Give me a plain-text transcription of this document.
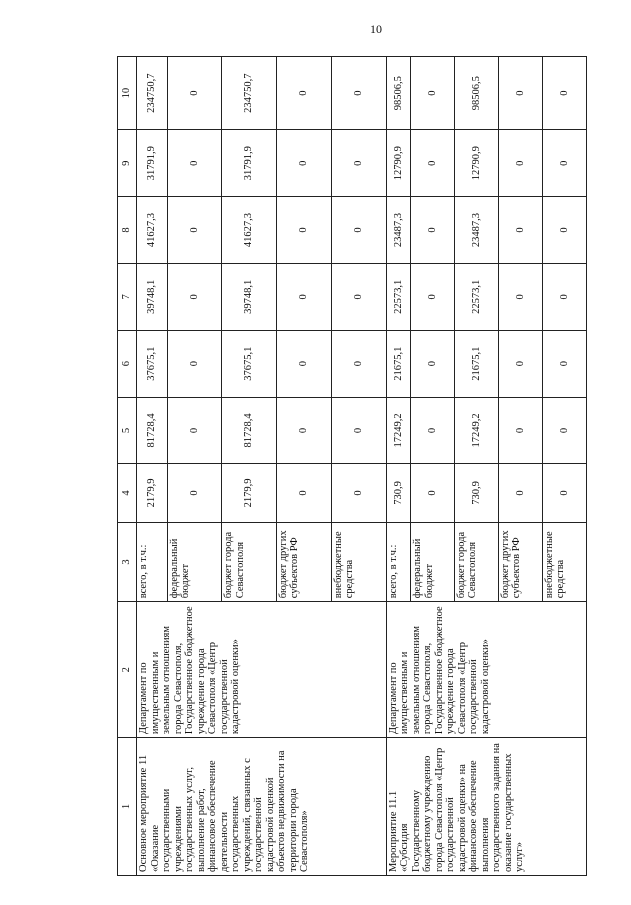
10
1	2	3	4	5	6	7	8	9	10
Основное мероприятие 11 «Оказание государственными учреждениями государственных услуг, выполнение работ, финансовое обеспечение деятельности государственных учреждений, связанных с государственной кадастровой оценкой объектов недвижимости на территории города Севастополя»	Департамент по имущественным и земельным отношениям города Севастополя, Государственное бюджетное учреждение города Севастополя «Центр государственной кадастровой оценки»	всего, в т.ч.:	2179,9	81728,4	37675,1	39748,1	41627,3	31791,9	234750,7
		федеральный бюджет	0	0	0	0	0	0	0
		бюджет города Севастополя	2179,9	81728,4	37675,1	39748,1	41627,3	31791,9	234750,7
		бюджет других субъектов РФ	0	0	0	0	0	0	0
		внебюджетные средства	0	0	0	0	0	0	0
Мероприятие 11.1 «Субсидия Государственному бюджетному учреждению города Севастополя «Центр государственной кадастровой оценки» на финансовое обеспечение выполнения государственного задания на оказание государственных услуг»	Департамент по имущественным и земельным отношениям города Севастополя, Государственное бюджетное учреждение города Севастополя «Центр государственной кадастровой оценки»	всего, в т.ч.:	730,9	17249,2	21675,1	22573,1	23487,3	12790,9	98506,5
		федеральный бюджет	0	0	0	0	0	0	0
		бюджет города Севастополя	730,9	17249,2	21675,1	22573,1	23487,3	12790,9	98506,5
		бюджет других субъектов РФ	0	0	0	0	0	0	0
		внебюджетные средства	0	0	0	0	0	0	0
